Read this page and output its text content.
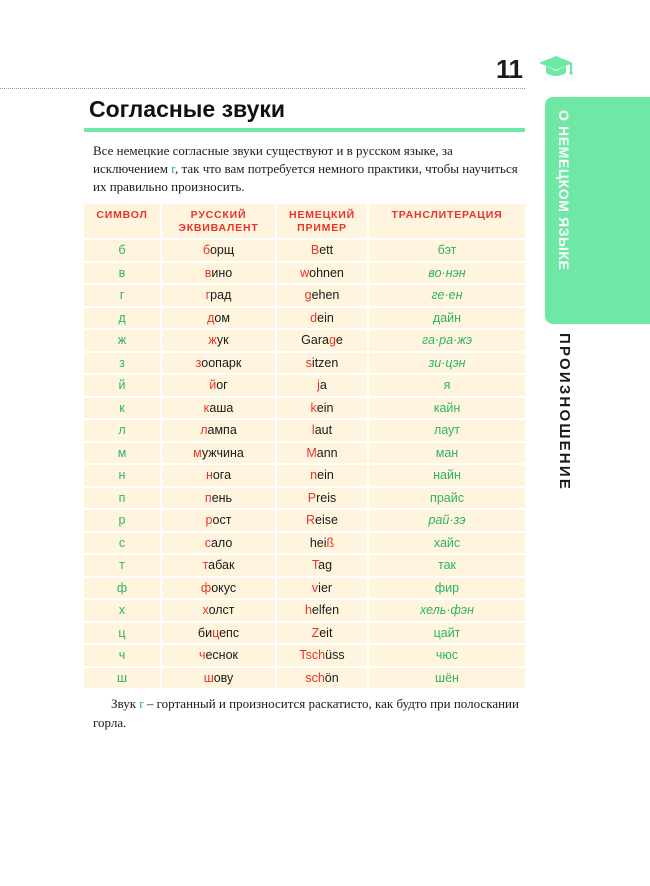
11
Согласные звуки
Все немецкие согласные звуки существуют и в русском языке, за исключением r, так что вам потребуется немного практики, чтобы научиться их правильно произносить.
СИМВОЛ	РУССКИЙ ЭКВИВАЛЕНТ	НЕМЕЦКИЙ ПРИМЕР	ТРАНСЛИТЕРАЦИЯ
б	борщ	Bett	бэт
в	вино	wohnen	во·нэн
г	град	gehen	ге·ен
д	дом	dein	дайн
ж	жук	Garage	га·ра·жэ
з	зоопарк	sitzen	зи·цэн
й	йог	ja	я
к	каша	kein	кайн
л	лампа	laut	лаут
м	мужчина	Mann	ман
н	нога	nein	найн
п	пень	Preis	прайс
р	рост	Reise	рай·зэ
с	сало	heiß	хайс
т	табак	Tag	так
ф	фокус	vier	фир
х	холст	helfen	хель·фэн
ц	бицепс	Zeit	цайт
ч	чеснок	Tschüss	чюс
ш	шову	schön	шён
Звук r – гортанный и произносится раскатисто, как будто при полоскании горла.
О НЕМЕЦКОМ ЯЗЫКЕ
ПРОИЗНОШЕНИЕ
